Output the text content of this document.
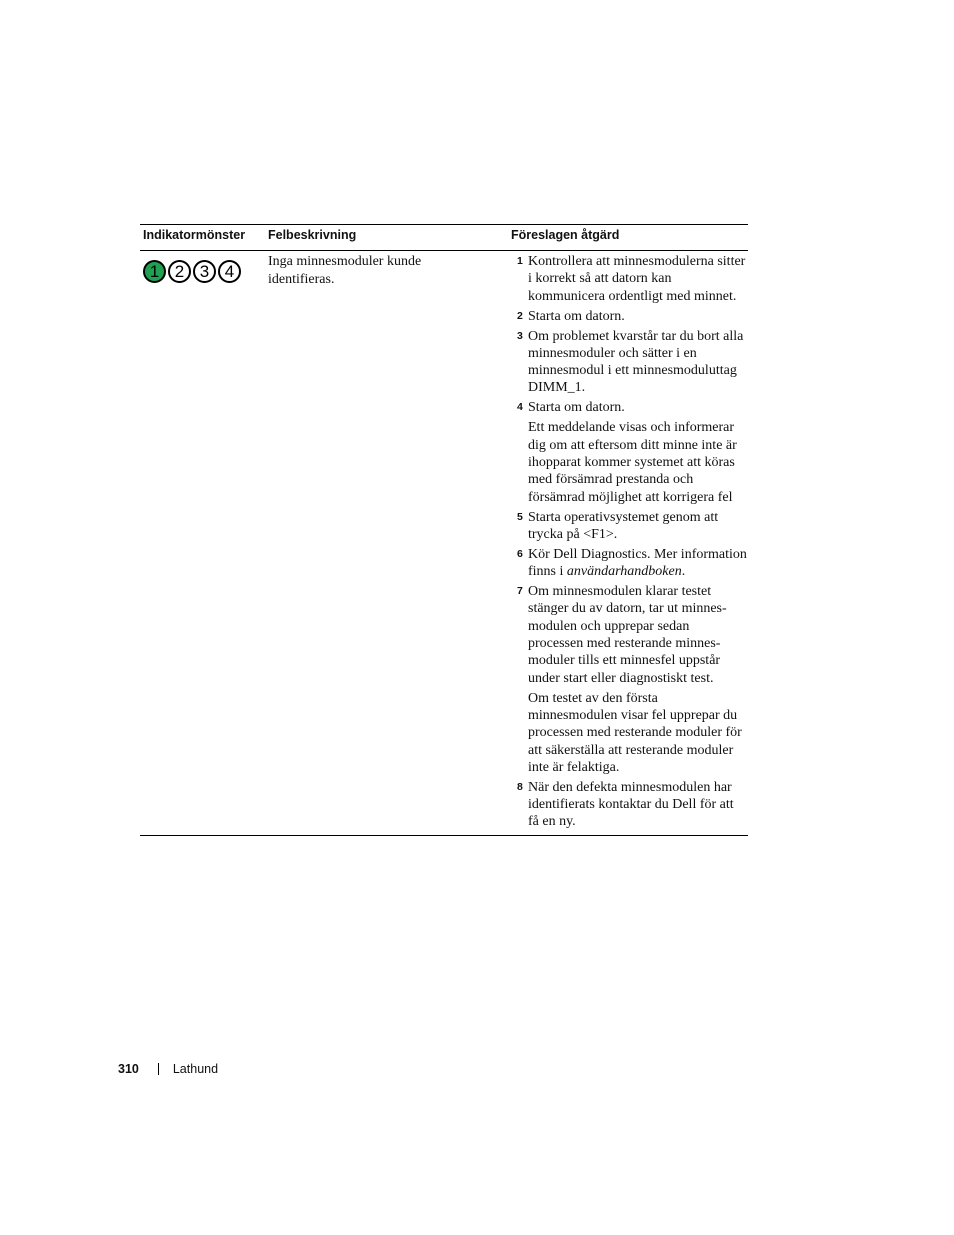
Indikatormönster Felbeskrivning	Föreslagen åtgärd
1 2 3 4
Inga minnesmoduler kunde identifieras.
1 Kontrollera att minnesmodulerna sitter i korrekt så att datorn kan kommunicera ordentligt med minnet.
2 Starta om datorn.
3 Om problemet kvarstår tar du bort alla minnesmoduler och sätter i en minnesmodul i ett minnesmoduluttag DIMM_1.
4 Starta om datorn.
Ett meddelande visas och informerar dig om att eftersom ditt minne inte är ihopparat kommer systemet att köras med försämrad prestanda och försämrad möjlighet att korrigera fel
5 Starta operativsystemet genom att trycka på <F1>.
6 Kör Dell Diagnostics. Mer information finns i användarhandboken.
7 Om minnesmodulen klarar testet stänger du av datorn, tar ut minnes-modulen och upprepar sedan processen med resterande minnes-moduler tills ett minnesfel uppstår under start eller diagnostiskt test.
Om testet av den första minnesmodulen visar fel upprepar du processen med resterande moduler för att säkerställa att resterande moduler inte är felaktiga.
8 När den defekta minnesmodulen har identifierats kontaktar du Dell för att få en ny.
310	Lathund
